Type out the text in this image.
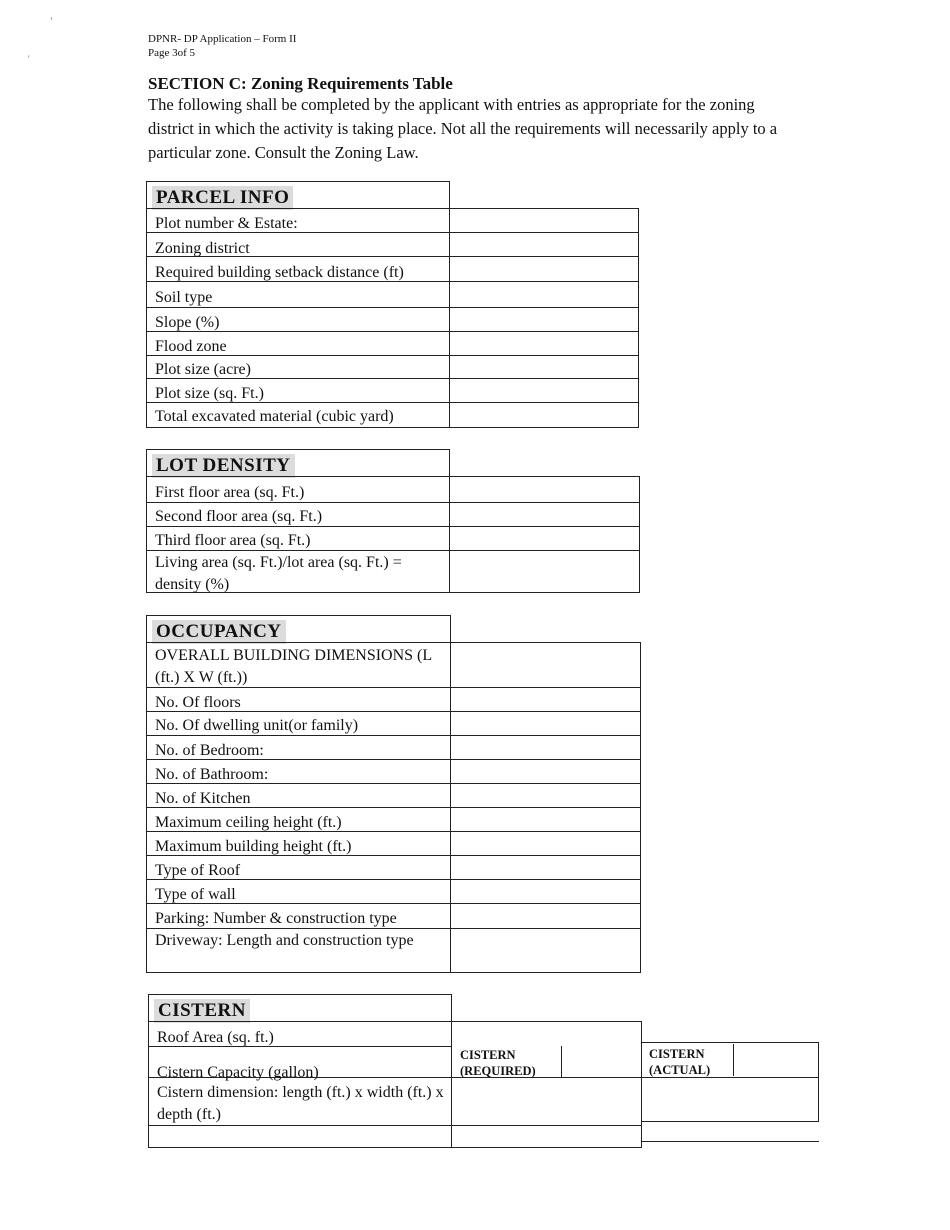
ʼ
'
DPNR- DP Application – Form II
Page 3of 5
SECTION C: Zoning Requirements Table
The following shall be completed by the applicant with entries as appropriate for the zoning district in which the activity is taking place. Not all the requirements will necessarily apply to a particular zone. Consult the Zoning Law.
PARCEL INFO
Plot number & Estate:
Zoning district
Required building setback distance (ft)
Soil type
Slope (%)
Flood zone
Plot size (acre)
Plot size (sq. Ft.)
Total excavated material (cubic yard)
LOT DENSITY
First floor area (sq. Ft.)
Second floor area (sq. Ft.)
Third floor area (sq. Ft.)
Living area (sq. Ft.)/lot area (sq. Ft.) = density (%)
OCCUPANCY
OVERALL BUILDING DIMENSIONS (L (ft.) X W (ft.))
No. Of floors
No. Of dwelling unit(or family)
No. of Bedroom:
No. of Bathroom:
No. of Kitchen
Maximum ceiling height (ft.)
Maximum building height (ft.)
Type of Roof
Type of wall
Parking: Number & construction type
Driveway: Length and construction type
CISTERN
Roof Area (sq. ft.)
Cistern Capacity (gallon)
Cistern dimension: length (ft.) x width (ft.) x depth (ft.)
CISTERN (REQUIRED)
CISTERN (ACTUAL)
